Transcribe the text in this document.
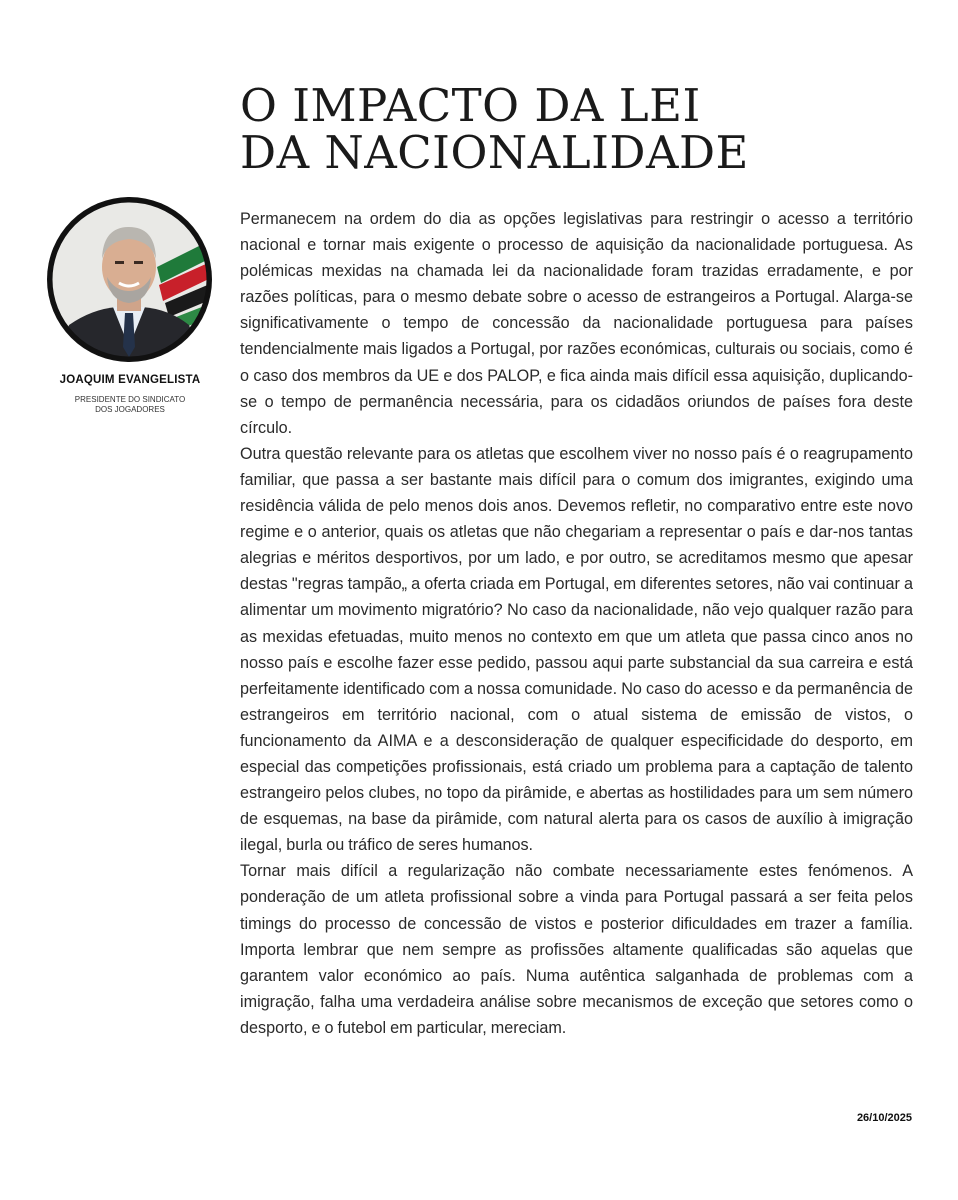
O IMPACTO DA LEI
DA NACIONALIDADE
JOAQUIM EVANGELISTA
PRESIDENTE DO SINDICATO
DOS JOGADORES

Permanecem na ordem do dia as opções legislativas para restringir o acesso a território nacional e tornar mais exigente o processo de aquisição da nacionalidade portuguesa. As polémicas mexidas na chamada lei da nacionalidade foram trazidas erradamente, e por razões políticas, para o mesmo debate sobre o acesso de estrangeiros a Portugal. Alarga-se significativamente o tempo de concessão da nacionalidade portuguesa para países tendencialmente mais ligados a Portugal, por razões económicas, culturais ou sociais, como é o caso dos membros da UE e dos PALOP, e fica ainda mais difícil essa aquisição, duplicando-se o tempo de permanência necessária, para os cidadãos oriundos de países fora deste círculo.

Outra questão relevante para os atletas que escolhem viver no nosso país é o reagrupamento familiar, que passa a ser bastante mais difícil para o comum dos imigrantes, exigindo uma residência válida de pelo menos dois anos. Devemos refletir, no comparativo entre este novo regime e o anterior, quais os atletas que não chegariam a representar o país e dar-nos tantas alegrias e méritos desportivos, por um lado, e por outro, se acreditamos mesmo que apesar destas "regras tampão„ a oferta criada em Portugal, em diferentes setores, não vai continuar a alimentar um movimento migratório? No caso da nacionalidade, não vejo qualquer razão para as mexidas efetuadas, muito menos no contexto em que um atleta que passa cinco anos no nosso país e escolhe fazer esse pedido, passou aqui parte substancial da sua carreira e está perfeitamente identificado com a nossa comunidade. No caso do acesso e da permanência de estrangeiros em território nacional, com o atual sistema de emissão de vistos, o funcionamento da AIMA e a desconsideração de qualquer especificidade do desporto, em especial das competições profissionais, está criado um problema para a captação de talento estrangeiro pelos clubes, no topo da pirâmide, e abertas as hostilidades para um sem número de esquemas, na base da pirâmide, com natural alerta para os casos de auxílio à imigração ilegal, burla ou tráfico de seres humanos.

Tornar mais difícil a regularização não combate necessariamente estes fenómenos. A ponderação de um atleta profissional sobre a vinda para Portugal passará a ser feita pelos timings do processo de concessão de vistos e posterior dificuldades em trazer a família. Importa lembrar que nem sempre as profissões altamente qualificadas são aquelas que garantem valor económico ao país. Numa autêntica salganhada de problemas com a imigração, falha uma verdadeira análise sobre mecanismos de exceção que setores como o desporto, e o futebol em particular, mereciam.

26/10/2025
